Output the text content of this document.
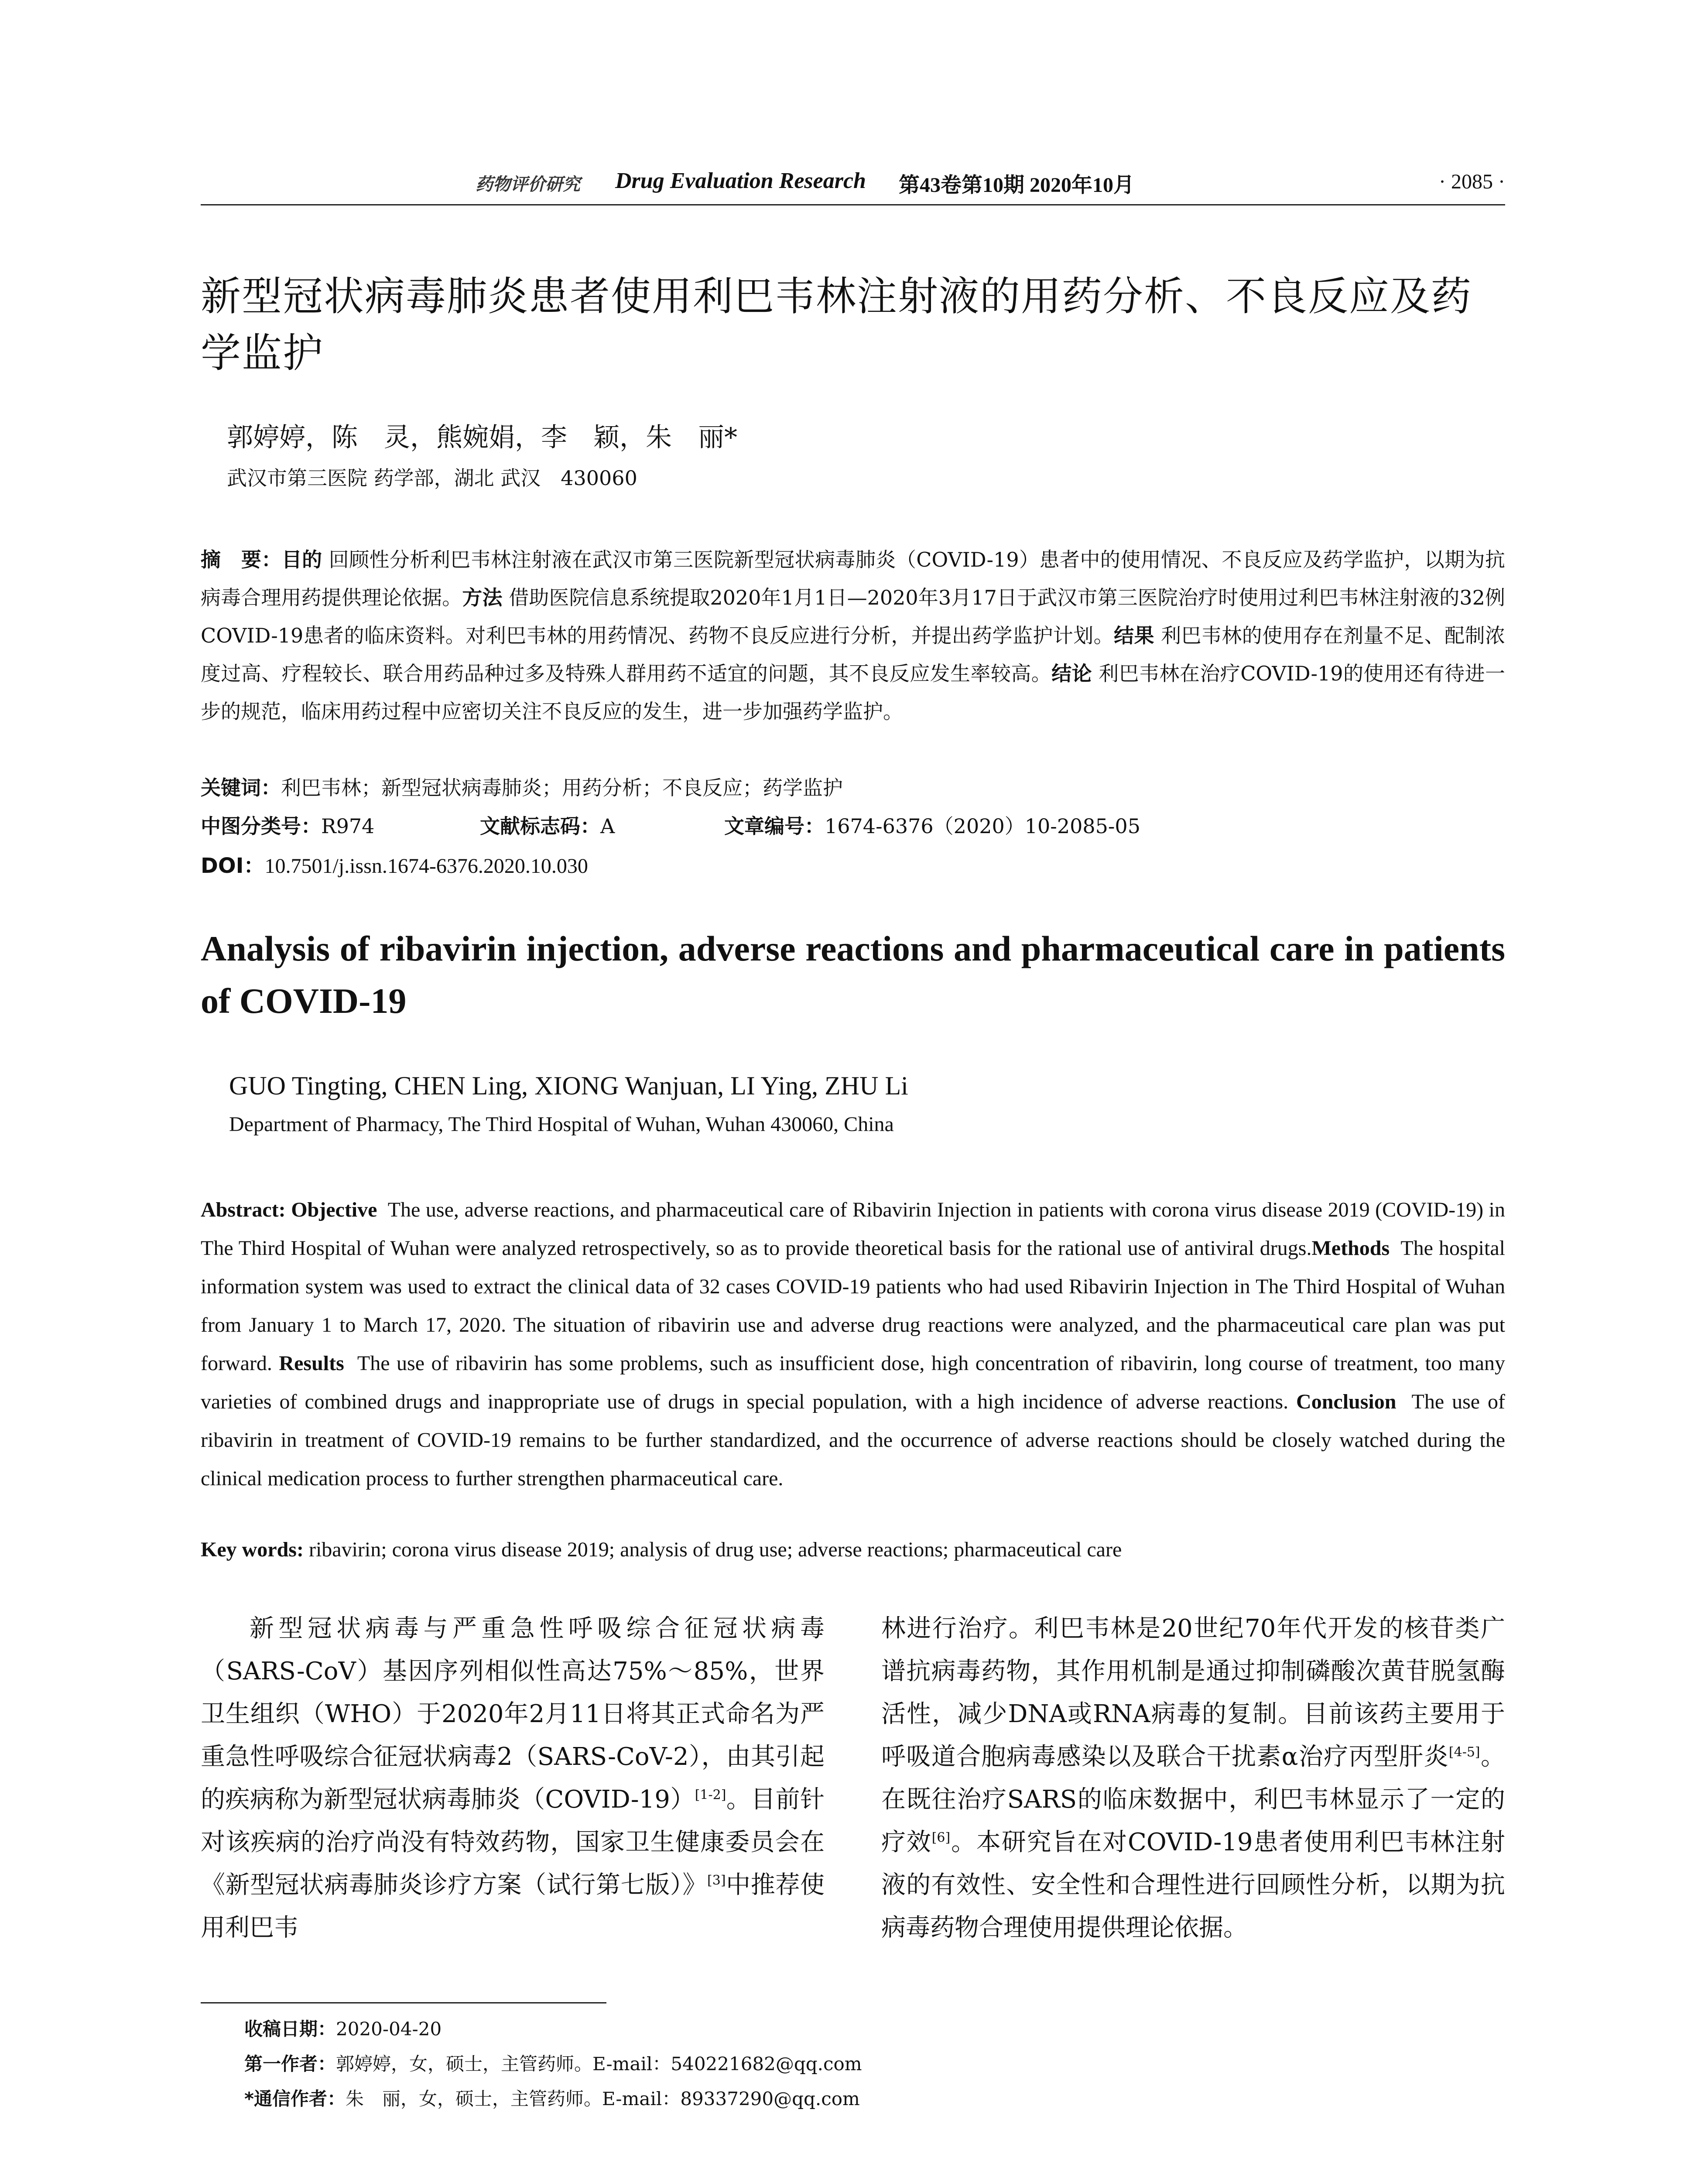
药物评价研究 Drug Evaluation Research 第43卷第10期 2020年10月	· 2085 ·
新型冠状病毒肺炎患者使用利巴韦林注射液的用药分析、不良反应及药学监护
郭婷婷，陈　灵，熊婉娟，李　颖，朱　丽*
武汉市第三医院 药学部，湖北 武汉　430060
摘　要：目的 回顾性分析利巴韦林注射液在武汉市第三医院新型冠状病毒肺炎（COVID-19）患者中的使用情况、不良反应及药学监护，以期为抗病毒合理用药提供理论依据。方法 借助医院信息系统提取2020年1月1日—2020年3月17日于武汉市第三医院治疗时使用过利巴韦林注射液的32例COVID-19患者的临床资料。对利巴韦林的用药情况、药物不良反应进行分析，并提出药学监护计划。结果 利巴韦林的使用存在剂量不足、配制浓度过高、疗程较长、联合用药品种过多及特殊人群用药不适宜的问题，其不良反应发生率较高。结论 利巴韦林在治疗COVID-19的使用还有待进一步的规范，临床用药过程中应密切关注不良反应的发生，进一步加强药学监护。
关键词：利巴韦林；新型冠状病毒肺炎；用药分析；不良反应；药学监护
中图分类号：R974	文献标志码：A	文章编号：1674-6376（2020）10-2085-05
DOI：10.7501/j.issn.1674-6376.2020.10.030
Analysis of ribavirin injection, adverse reactions and pharmaceutical care in patients of COVID-19
GUO Tingting, CHEN Ling, XIONG Wanjuan, LI Ying, ZHU Li
Department of Pharmacy, The Third Hospital of Wuhan, Wuhan 430060, China
Abstract: Objective The use, adverse reactions, and pharmaceutical care of Ribavirin Injection in patients with corona virus disease 2019 (COVID-19) in The Third Hospital of Wuhan were analyzed retrospectively, so as to provide theoretical basis for the rational use of antiviral drugs.Methods The hospital information system was used to extract the clinical data of 32 cases COVID-19 patients who had used Ribavirin Injection in The Third Hospital of Wuhan from January 1 to March 17, 2020. The situation of ribavirin use and adverse drug reactions were analyzed, and the pharmaceutical care plan was put forward. Results The use of ribavirin has some problems, such as insufficient dose, high concentration of ribavirin, long course of treatment, too many varieties of combined drugs and inappropriate use of drugs in special population, with a high incidence of adverse reactions. Conclusion The use of ribavirin in treatment of COVID-19 remains to be further standardized, and the occurrence of adverse reactions should be closely watched during the clinical medication process to further strengthen pharmaceutical care.
Key words: ribavirin; corona virus disease 2019; analysis of drug use; adverse reactions; pharmaceutical care
新型冠状病毒与严重急性呼吸综合征冠状病毒（SARS-CoV）基因序列相似性高达75%～85%，世界卫生组织（WHO）于2020年2月11日将其正式命名为严重急性呼吸综合征冠状病毒2（SARS-CoV-2），由其引起的疾病称为新型冠状病毒肺炎（COVID-19）[1-2]。目前针对该疾病的治疗尚没有特效药物，国家卫生健康委员会在《新型冠状病毒肺炎诊疗方案（试行第七版）》[3]中推荐使用利巴韦
林进行治疗。利巴韦林是20世纪70年代开发的核苷类广谱抗病毒药物，其作用机制是通过抑制磷酸次黄苷脱氢酶活性，减少DNA或RNA病毒的复制。目前该药主要用于呼吸道合胞病毒感染以及联合干扰素α治疗丙型肝炎[4-5]。在既往治疗SARS的临床数据中，利巴韦林显示了一定的疗效[6]。本研究旨在对COVID-19患者使用利巴韦林注射液的有效性、安全性和合理性进行回顾性分析，以期为抗病毒药物合理使用提供理论依据。
收稿日期：2020-04-20
第一作者：郭婷婷，女，硕士，主管药师。E-mail：540221682@qq.com
*通信作者：朱　丽，女，硕士，主管药师。E-mail：89337290@qq.com
